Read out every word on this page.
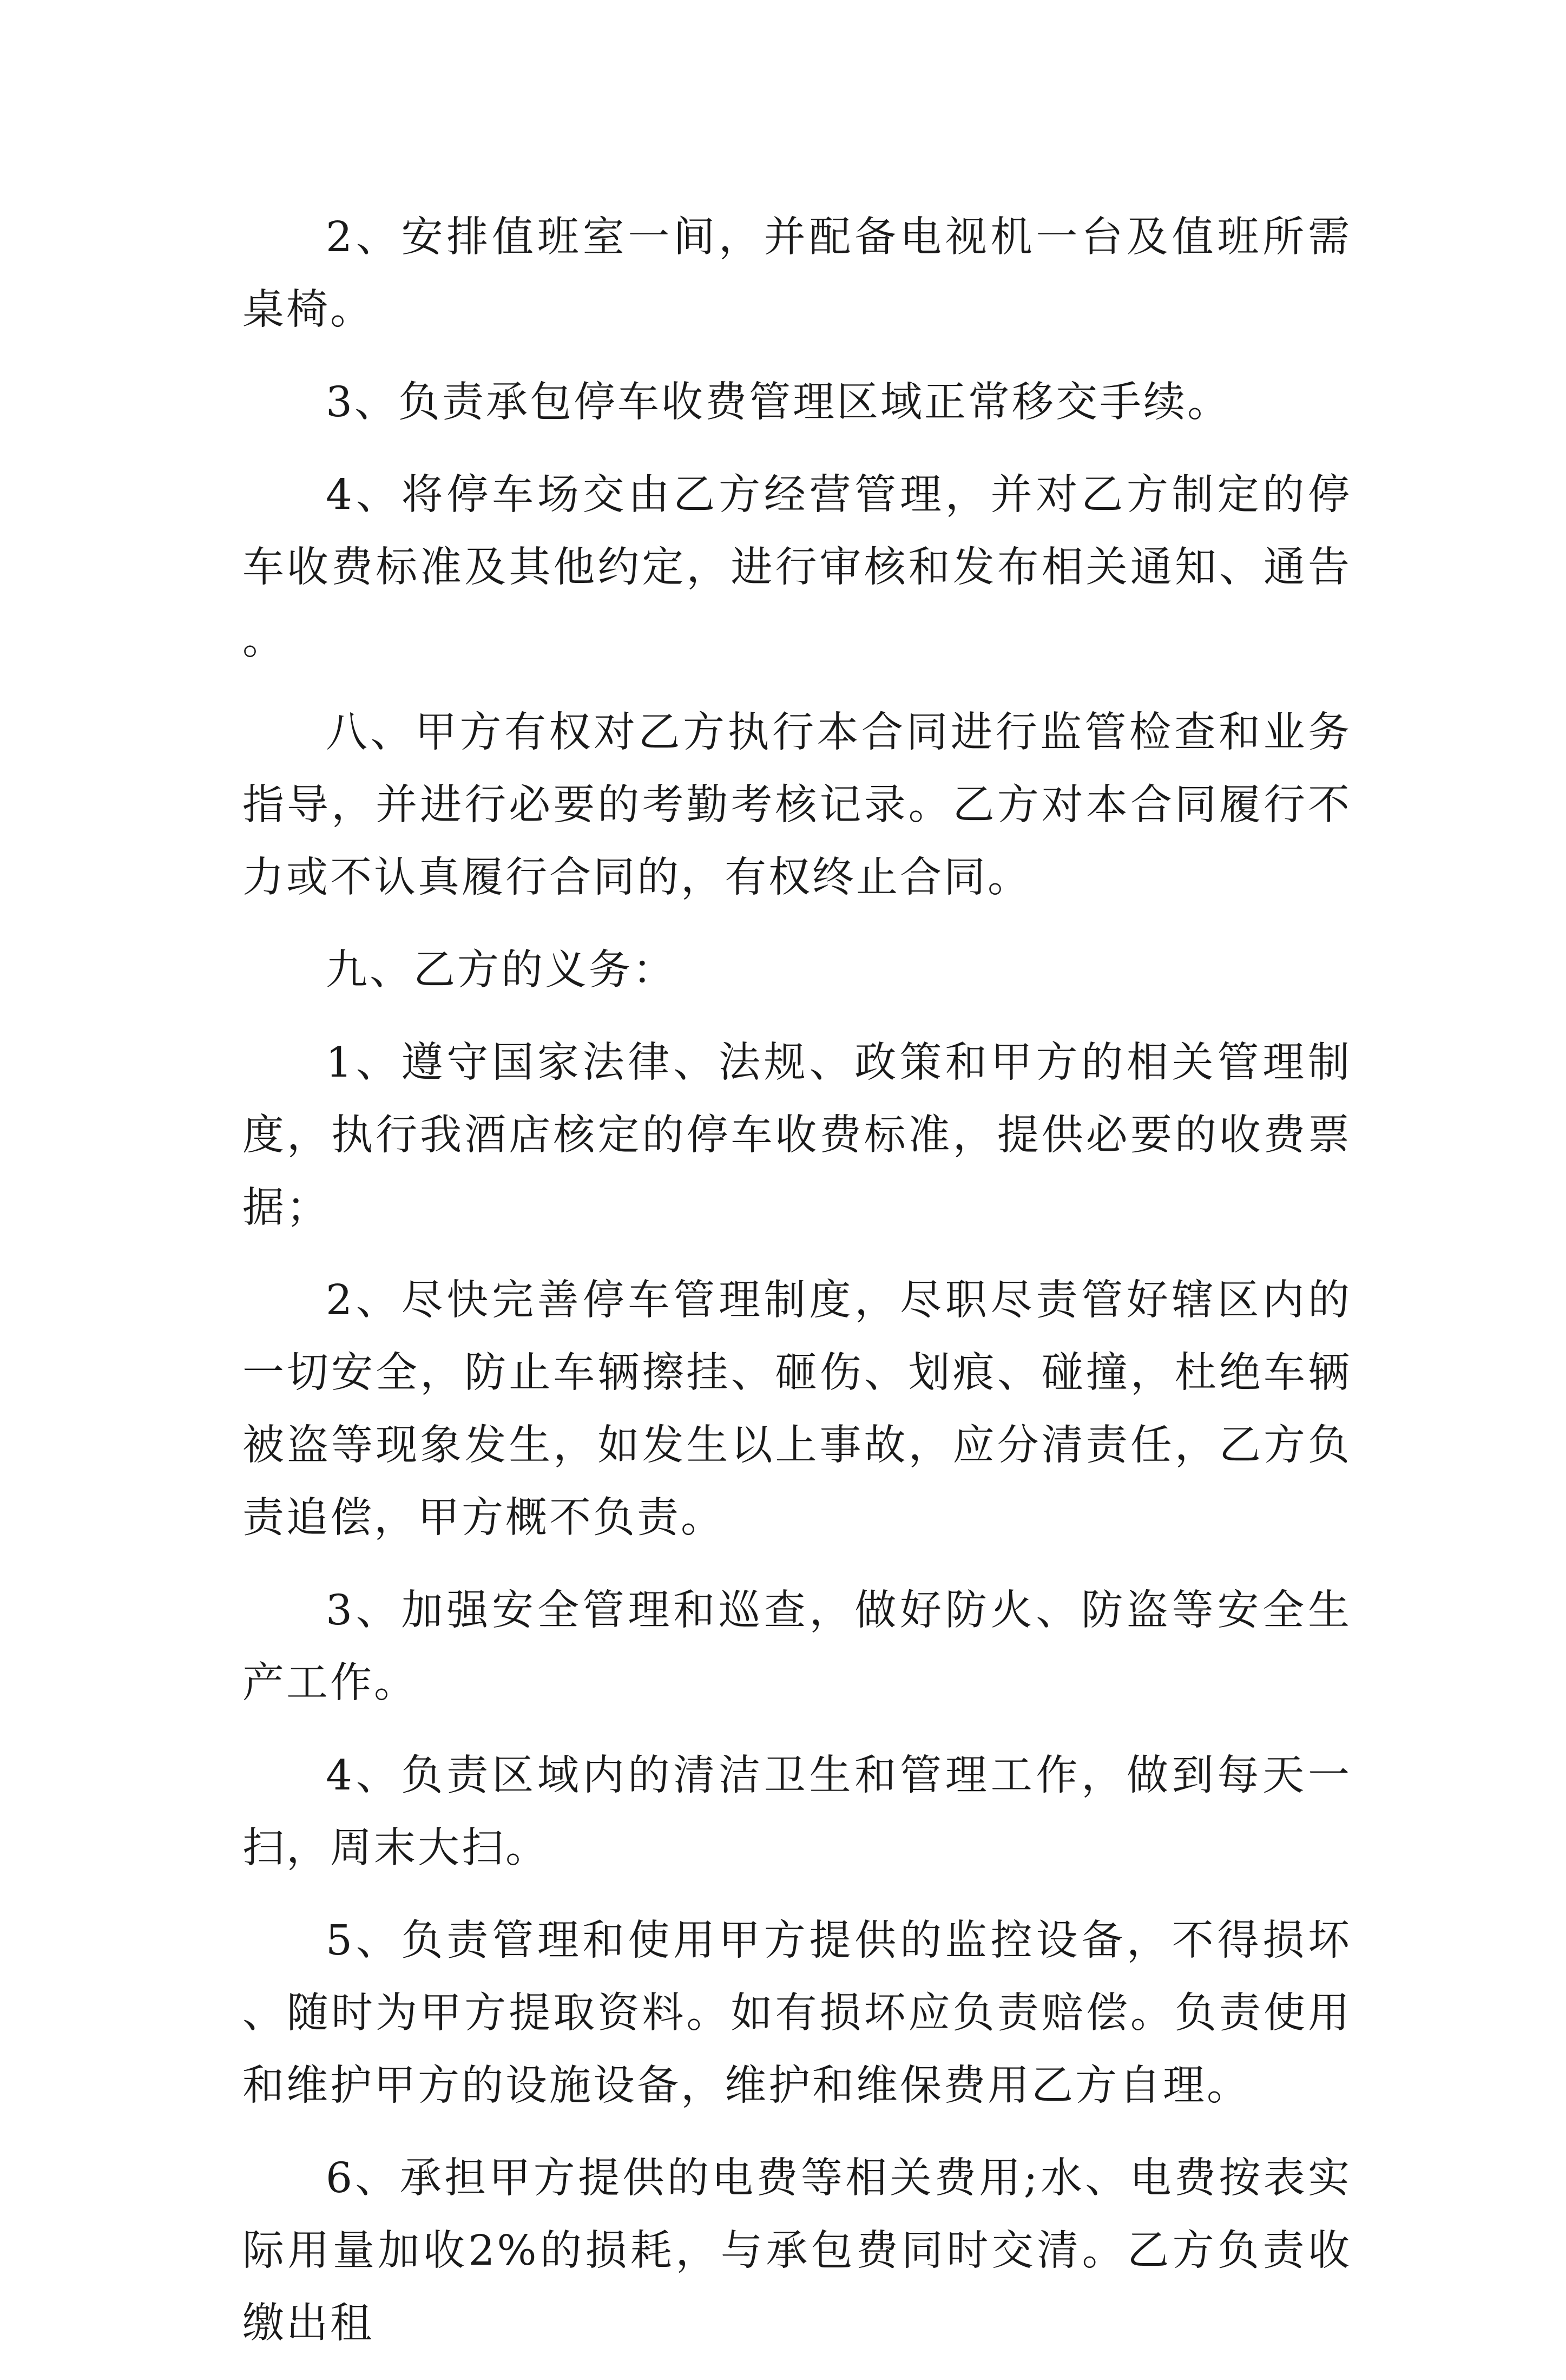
2、安排值班室一间，并配备电视机一台及值班所需桌椅。

3、负责承包停车收费管理区域正常移交手续。

4、将停车场交由乙方经营管理，并对乙方制定的停车收费标准及其他约定，进行审核和发布相关通知、通告。

八、甲方有权对乙方执行本合同进行监管检查和业务指导，并进行必要的考勤考核记录。乙方对本合同履行不力或不认真履行合同的，有权终止合同。

九、乙方的义务：

1、遵守国家法律、法规、政策和甲方的相关管理制度，执行我酒店核定的停车收费标准，提供必要的收费票据；

2、尽快完善停车管理制度，尽职尽责管好辖区内的一切安全，防止车辆擦挂、砸伤、划痕、碰撞，杜绝车辆被盗等现象发生，如发生以上事故，应分清责任，乙方负责追偿，甲方概不负责。

3、加强安全管理和巡查，做好防火、防盗等安全生产工作。

4、负责区域内的清洁卫生和管理工作，做到每天一扫，周末大扫。

5、负责管理和使用甲方提供的监控设备，不得损坏、随时为甲方提取资料。如有损坏应负责赔偿。负责使用和维护甲方的设施设备，维护和维保费用乙方自理。

6、承担甲方提供的电费等相关费用;水、电费按表实际用量加收2%的损耗，与承包费同时交清。乙方负责收缴出租
